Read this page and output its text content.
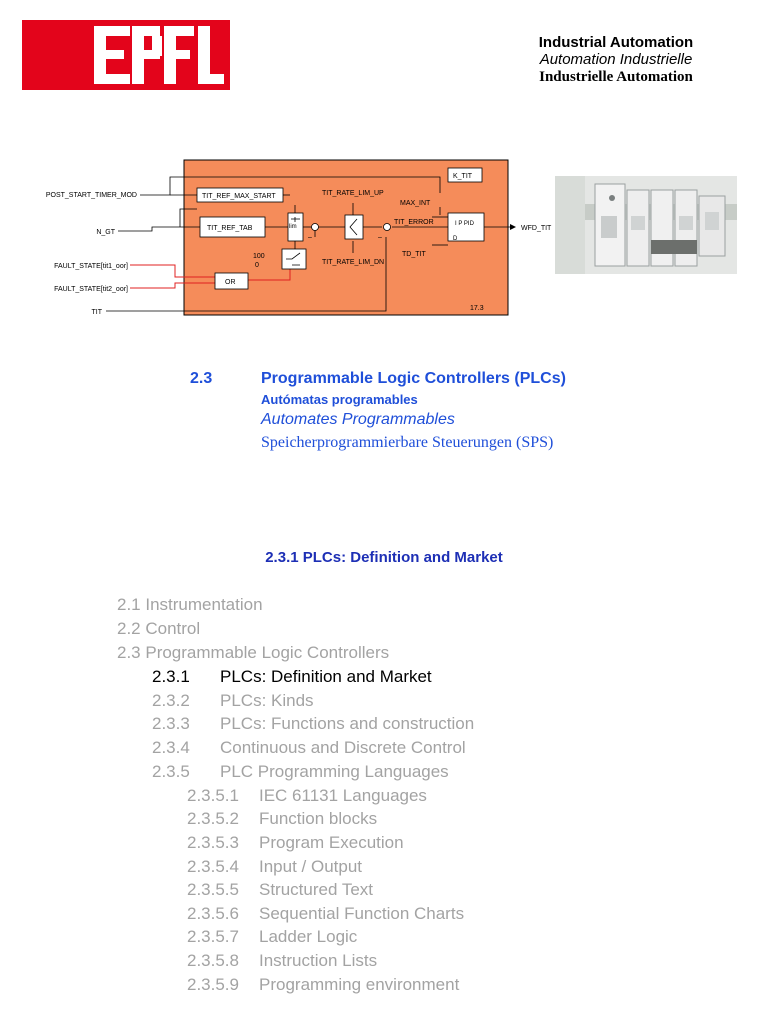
Industrial Automation
Automation Industrielle
Industrielle Automation
POST_START_TIMER_MOD
N_GT
FAULT_STATE[tit1_oor]
FAULT_STATE[tit2_oor]
TIT
TIT_REF_MAX_START
TIT_REF_TAB	lim
OR
K_TIT
I P PID
TIT_RATE_LIM_UP
TIT_RATE_LIM_DN
MAX_INT
TIT_ERROR
TD_TIT
100
0
D
–	–
17.3
WFD_TIT
2.3	Programmable Logic Controllers (PLCs)
Autómatas programables
Automates Programmables
Speicherprogrammierbare Steuerungen (SPS)
2.3.1 PLCs: Definition and Market
2.1 Instrumentation
2.2 Control
2.3 Programmable Logic Controllers
2.3.1 PLCs: Definition and Market
2.3.2 PLCs: Kinds
2.3.3 PLCs: Functions and construction
2.3.4 Continuous and Discrete Control
2.3.5 PLC Programming Languages
2.3.5.1 IEC 61131 Languages
2.3.5.2 Function blocks
2.3.5.3 Program Execution
2.3.5.4 Input / Output
2.3.5.5 Structured Text
2.3.5.6 Sequential Function Charts
2.3.5.7 Ladder Logic
2.3.5.8 Instruction Lists
2.3.5.9 Programming environment
